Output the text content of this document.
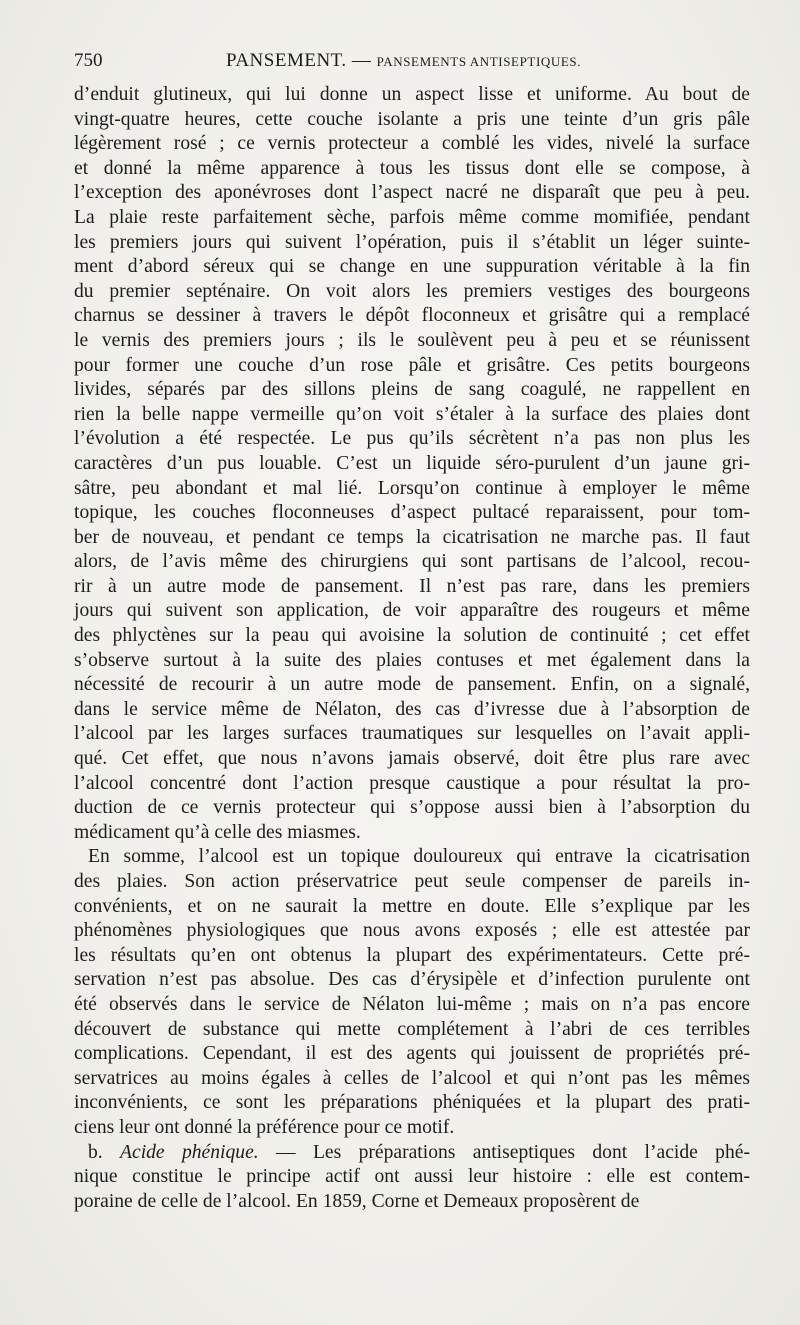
750	PANSEMENT. — PANSEMENTS ANTISEPTIQUES.

d’enduit glutineux, qui lui donne un aspect lisse et uniforme. Au bout de
vingt-quatre heures, cette couche isolante a pris une teinte d’un gris pâle
légèrement rosé ; ce vernis protecteur a comblé les vides, nivelé la surface
et donné la même apparence à tous les tissus dont elle se compose, à
l’exception des aponévroses dont l’aspect nacré ne disparaît que peu à peu.
La plaie reste parfaitement sèche, parfois même comme momifiée, pendant
les premiers jours qui suivent l’opération, puis il s’établit un léger suinte-
ment d’abord séreux qui se change en une suppuration véritable à la fin
du premier septénaire. On voit alors les premiers vestiges des bourgeons
charnus se dessiner à travers le dépôt floconneux et grisâtre qui a remplacé
le vernis des premiers jours ; ils le soulèvent peu à peu et se réunissent
pour former une couche d’un rose pâle et grisâtre. Ces petits bourgeons
livides, séparés par des sillons pleins de sang coagulé, ne rappellent en
rien la belle nappe vermeille qu’on voit s’étaler à la surface des plaies dont
l’évolution a été respectée. Le pus qu’ils sécrètent n’a pas non plus les
caractères d’un pus louable. C’est un liquide séro-purulent d’un jaune gri-
sâtre, peu abondant et mal lié. Lorsqu’on continue à employer le même
topique, les couches floconneuses d’aspect pultacé reparaissent, pour tom-
ber de nouveau, et pendant ce temps la cicatrisation ne marche pas. Il faut
alors, de l’avis même des chirurgiens qui sont partisans de l’alcool, recou-
rir à un autre mode de pansement. Il n’est pas rare, dans les premiers
jours qui suivent son application, de voir apparaître des rougeurs et même
des phlyctènes sur la peau qui avoisine la solution de continuité ; cet effet
s’observe surtout à la suite des plaies contuses et met également dans la
nécessité de recourir à un autre mode de pansement. Enfin, on a signalé,
dans le service même de Nélaton, des cas d’ivresse due à l’absorption de
l’alcool par les larges surfaces traumatiques sur lesquelles on l’avait appli-
qué. Cet effet, que nous n’avons jamais observé, doit être plus rare avec
l’alcool concentré dont l’action presque caustique a pour résultat la pro-
duction de ce vernis protecteur qui s’oppose aussi bien à l’absorption du
médicament qu’à celle des miasmes.

En somme, l’alcool est un topique douloureux qui entrave la cicatrisation
des plaies. Son action préservatrice peut seule compenser de pareils in-
convénients, et on ne saurait la mettre en doute. Elle s’explique par les
phénomènes physiologiques que nous avons exposés ; elle est attestée par
les résultats qu’en ont obtenus la plupart des expérimentateurs. Cette pré-
servation n’est pas absolue. Des cas d’érysipèle et d’infection purulente ont
été observés dans le service de Nélaton lui-même ; mais on n’a pas encore
découvert de substance qui mette complétement à l’abri de ces terribles
complications. Cependant, il est des agents qui jouissent de propriétés pré-
servatrices au moins égales à celles de l’alcool et qui n’ont pas les mêmes
inconvénients, ce sont les préparations phéniquées et la plupart des prati-
ciens leur ont donné la préférence pour ce motif.

b. Acide phénique. — Les préparations antiseptiques dont l’acide phé-
nique constitue le principe actif ont aussi leur histoire : elle est contem-
poraine de celle de l’alcool. En 1859, Corne et Demeaux proposèrent de
